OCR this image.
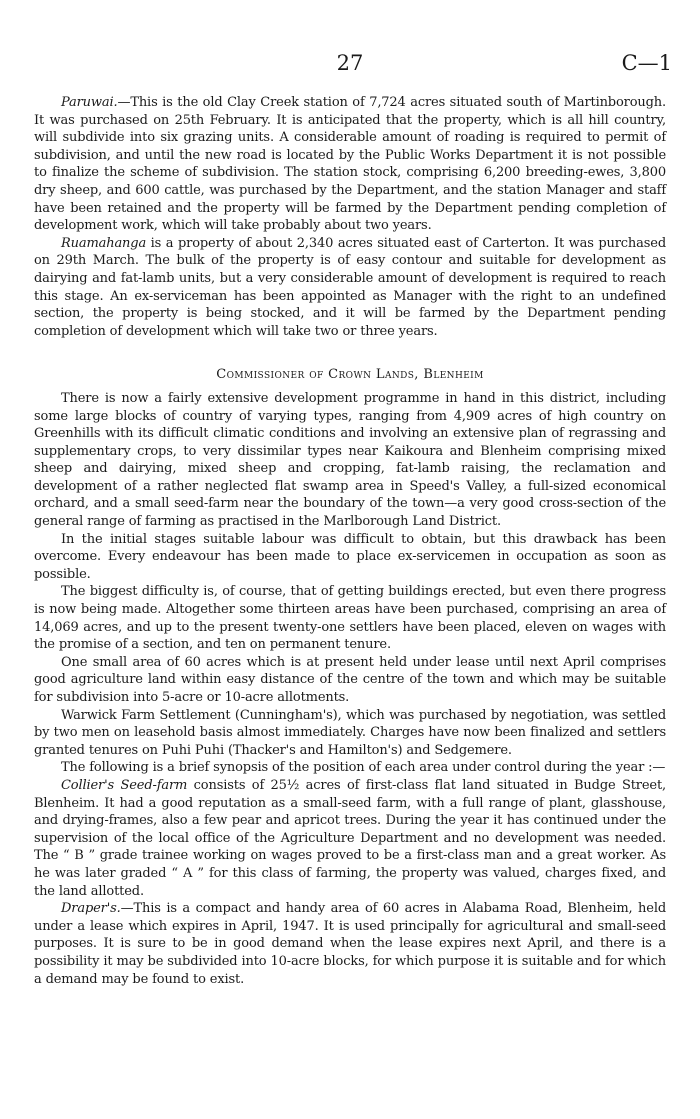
27	C—1

Paruwai.—This is the old Clay Creek station of 7,724 acres situated south of Martinborough. It was purchased on 25th February. It is anticipated that the property, which is all hill country, will subdivide into six grazing units. A considerable amount of roading is required to permit of subdivision, and until the new road is located by the Public Works Department it is not possible to finalize the scheme of subdivision. The station stock, comprising 6,200 breeding-ewes, 3,800 dry sheep, and 600 cattle, was purchased by the Department, and the station Manager and staff have been retained and the property will be farmed by the Department pending completion of development work, which will take probably about two years.

Ruamahanga is a property of about 2,340 acres situated east of Carterton. It was purchased on 29th March. The bulk of the property is of easy contour and suitable for development as dairying and fat-lamb units, but a very considerable amount of development is required to reach this stage. An ex-serviceman has been appointed as Manager with the right to an undefined section, the property is being stocked, and it will be farmed by the Department pending completion of development which will take two or three years.

Commissioner of Crown Lands, Blenheim

There is now a fairly extensive development programme in hand in this district, including some large blocks of country of varying types, ranging from 4,909 acres of high country on Greenhills with its difficult climatic conditions and involving an extensive plan of regrassing and supplementary crops, to very dissimilar types near Kaikoura and Blenheim comprising mixed sheep and dairying, mixed sheep and cropping, fat-lamb raising, the reclamation and development of a rather neglected flat swamp area in Speed's Valley, a full-sized economical orchard, and a small seed-farm near the boundary of the town—a very good cross-section of the general range of farming as practised in the Marlborough Land District.

In the initial stages suitable labour was difficult to obtain, but this drawback has been overcome. Every endeavour has been made to place ex-servicemen in occupation as soon as possible.

The biggest difficulty is, of course, that of getting buildings erected, but even there progress is now being made. Altogether some thirteen areas have been purchased, comprising an area of 14,069 acres, and up to the present twenty-one settlers have been placed, eleven on wages with the promise of a section, and ten on permanent tenure.

One small area of 60 acres which is at present held under lease until next April comprises good agriculture land within easy distance of the centre of the town and which may be suitable for subdivision into 5-acre or 10-acre allotments.

Warwick Farm Settlement (Cunningham's), which was purchased by negotiation, was settled by two men on leasehold basis almost immediately. Charges have now been finalized and settlers granted tenures on Puhi Puhi (Thacker's and Hamilton's) and Sedgemere.

The following is a brief synopsis of the position of each area under control during the year :—

Collier's Seed-farm consists of 25½ acres of first-class flat land situated in Budge Street, Blenheim. It had a good reputation as a small-seed farm, with a full range of plant, glasshouse, and drying-frames, also a few pear and apricot trees. During the year it has continued under the supervision of the local office of the Agriculture Department and no development was needed. The “ B ” grade trainee working on wages proved to be a first-class man and a great worker. As he was later graded “ A ” for this class of farming, the property was valued, charges fixed, and the land allotted.

Draper's.—This is a compact and handy area of 60 acres in Alabama Road, Blenheim, held under a lease which expires in April, 1947. It is used principally for agricultural and small-seed purposes. It is sure to be in good demand when the lease expires next April, and there is a possibility it may be subdivided into 10-acre blocks, for which purpose it is suitable and for which a demand may be found to exist.
